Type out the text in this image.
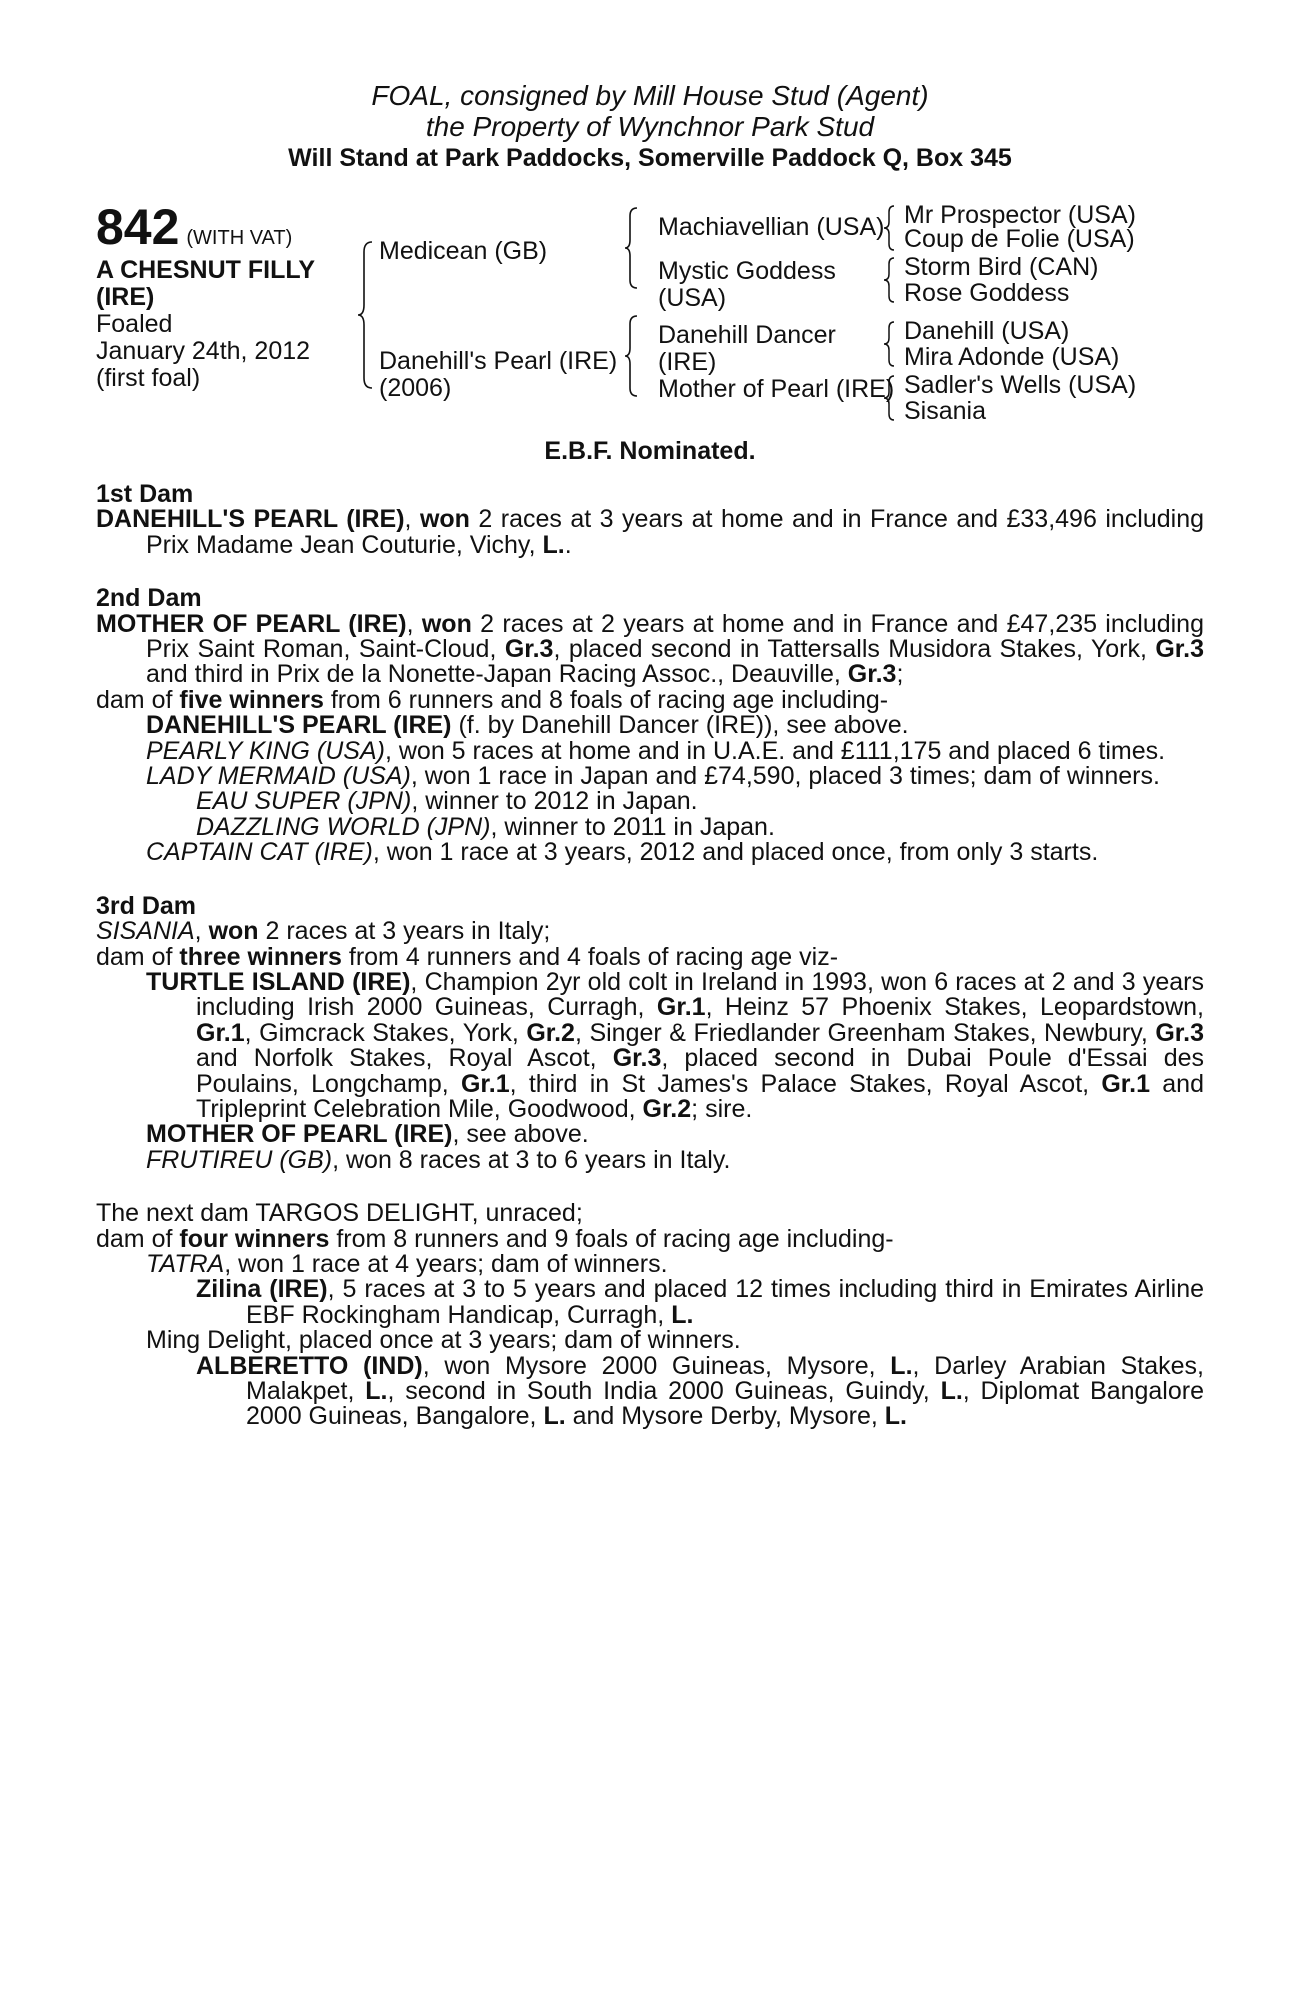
FOAL, consigned by Mill House Stud (Agent)
the Property of Wynchnor Park Stud
Will Stand at Park Paddocks, Somerville Paddock Q, Box 345
842 (WITH VAT)
A CHESNUT FILLY
(IRE)
Foaled
January 24th, 2012
(first foal)
Medicean (GB)
Danehill's Pearl (IRE)
(2006)
Machiavellian (USA)
Mystic Goddess
(USA)
Danehill Dancer
(IRE)
Mother of Pearl (IRE)
Mr Prospector (USA)
Coup de Folie (USA)
Storm Bird (CAN)
Rose Goddess
Danehill (USA)
Mira Adonde (USA)
Sadler's Wells (USA)
Sisania
E.B.F. Nominated.

1st Dam

DANEHILL'S PEARL (IRE), won 2 races at 3 years at home and in France and £33,496 including Prix Madame Jean Couturie, Vichy, L..

2nd Dam

MOTHER OF PEARL (IRE), won 2 races at 2 years at home and in France and £47,235 including Prix Saint Roman, Saint-Cloud, Gr.3, placed second in Tattersalls Musidora Stakes, York, Gr.3 and third in Prix de la Nonette-Japan Racing Assoc., Deauville, Gr.3;

dam of five winners from 6 runners and 8 foals of racing age including-

DANEHILL'S PEARL (IRE) (f. by Danehill Dancer (IRE)), see above.

PEARLY KING (USA), won 5 races at home and in U.A.E. and £111,175 and placed 6 times.

LADY MERMAID (USA), won 1 race in Japan and £74,590, placed 3 times; dam of winners.

EAU SUPER (JPN), winner to 2012 in Japan.

DAZZLING WORLD (JPN), winner to 2011 in Japan.

CAPTAIN CAT (IRE), won 1 race at 3 years, 2012 and placed once, from only 3 starts.

3rd Dam

SISANIA, won 2 races at 3 years in Italy;

dam of three winners from 4 runners and 4 foals of racing age viz-

TURTLE ISLAND (IRE), Champion 2yr old colt in Ireland in 1993, won 6 races at 2 and 3 years including Irish 2000 Guineas, Curragh, Gr.1, Heinz 57 Phoenix Stakes, Leopardstown, Gr.1, Gimcrack Stakes, York, Gr.2, Singer & Friedlander Greenham Stakes, Newbury, Gr.3 and Norfolk Stakes, Royal Ascot, Gr.3, placed second in Dubai Poule d'Essai des Poulains, Longchamp, Gr.1, third in St James's Palace Stakes, Royal Ascot, Gr.1 and Tripleprint Celebration Mile, Goodwood, Gr.2; sire.

MOTHER OF PEARL (IRE), see above.

FRUTIREU (GB), won 8 races at 3 to 6 years in Italy.

The next dam TARGOS DELIGHT, unraced;

dam of four winners from 8 runners and 9 foals of racing age including-

TATRA, won 1 race at 4 years; dam of winners.

Zilina (IRE), 5 races at 3 to 5 years and placed 12 times including third in Emirates Airline EBF Rockingham Handicap, Curragh, L.

Ming Delight, placed once at 3 years; dam of winners.

ALBERETTO (IND), won Mysore 2000 Guineas, Mysore, L., Darley Arabian Stakes, Malakpet, L., second in South India 2000 Guineas, Guindy, L., Diplomat Bangalore 2000 Guineas, Bangalore, L. and Mysore Derby, Mysore, L.
